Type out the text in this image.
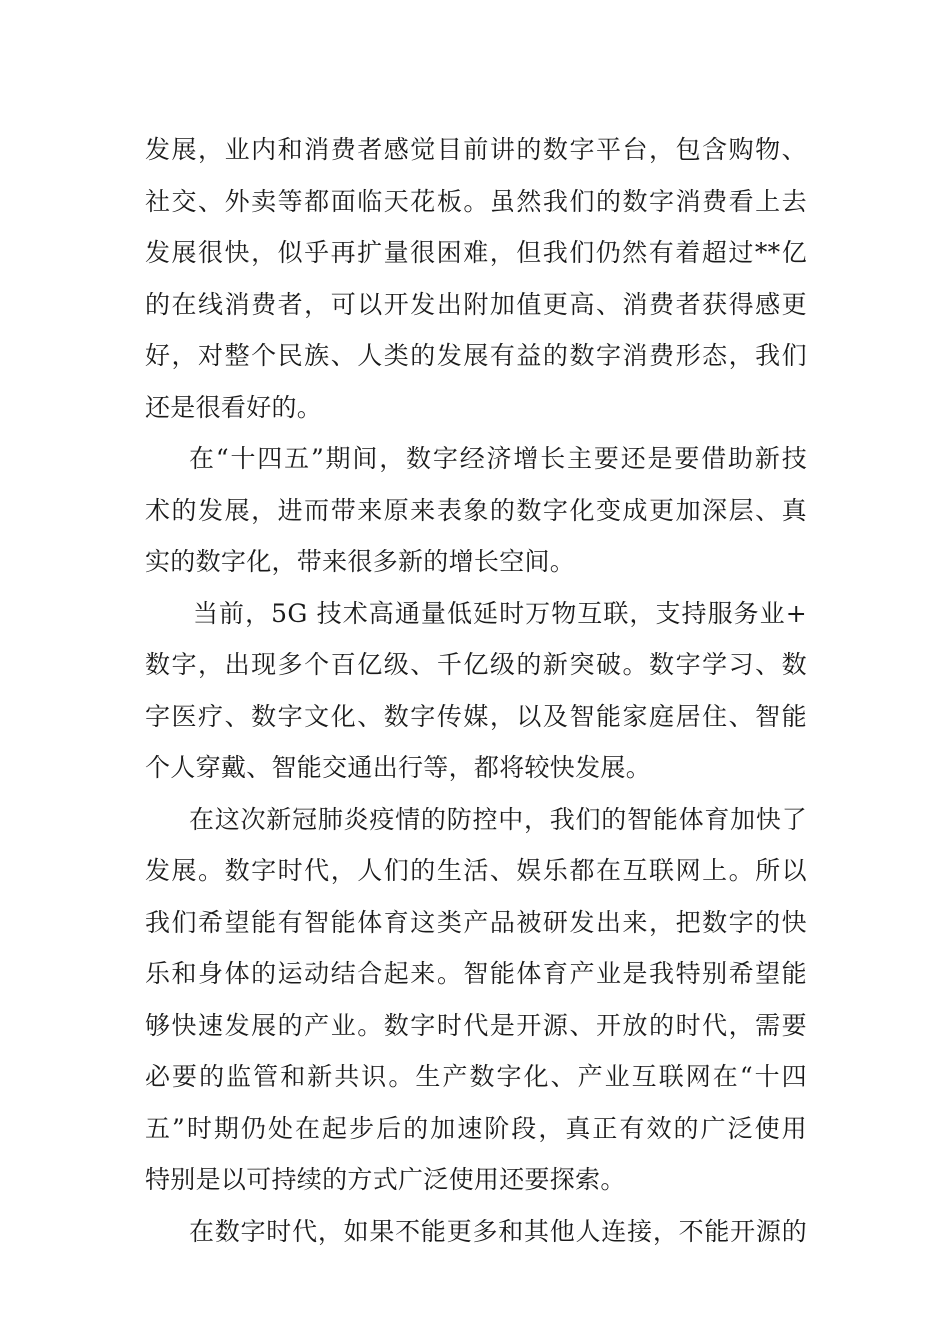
发展，业内和消费者感觉目前讲的数字平台，包含购物、
社交、外卖等都面临天花板。虽然我们的数字消费看上去
发展很快，似乎再扩量很困难，但我们仍然有着超过**亿
的在线消费者，可以开发出附加值更高、消费者获得感更
好，对整个民族、人类的发展有益的数字消费形态，我们
还是很看好的。
在“十四五”期间，数字经济增长主要还是要借助新技
术的发展，进而带来原来表象的数字化变成更加深层、真
实的数字化，带来很多新的增长空间。
当前，5G 技术高通量低延时万物互联，支持服务业+
数字，出现多个百亿级、千亿级的新突破。数字学习、数
字医疗、数字文化、数字传媒，以及智能家庭居住、智能
个人穿戴、智能交通出行等，都将较快发展。
在这次新冠肺炎疫情的防控中，我们的智能体育加快了
发展。数字时代，人们的生活、娱乐都在互联网上。所以
我们希望能有智能体育这类产品被研发出来，把数字的快
乐和身体的运动结合起来。智能体育产业是我特别希望能
够快速发展的产业。数字时代是开源、开放的时代，需要
必要的监管和新共识。生产数字化、产业互联网在“十四
五”时期仍处在起步后的加速阶段，真正有效的广泛使用
特别是以可持续的方式广泛使用还要探索。
在数字时代，如果不能更多和其他人连接，不能开源的
